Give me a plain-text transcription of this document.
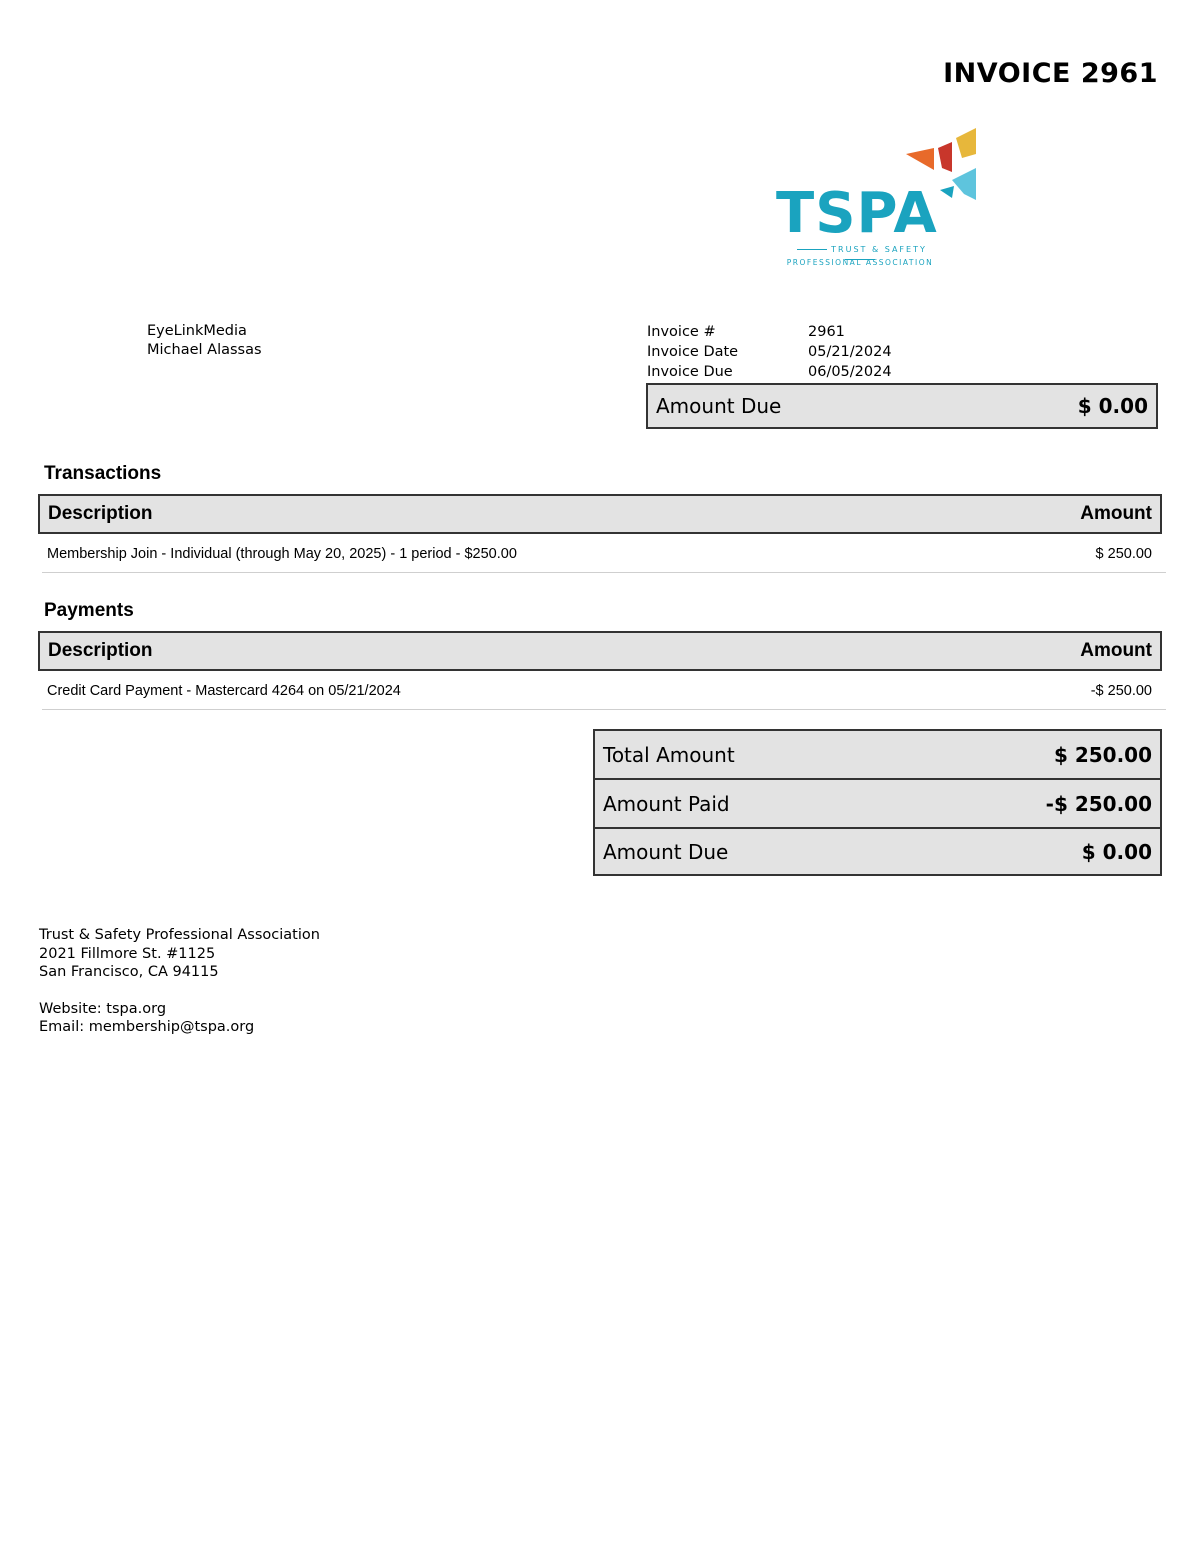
INVOICE 2961
TSPA
TRUST & SAFETY
PROFESSIONAL ASSOCIATION
EyeLinkMedia
Michael Alassas
Invoice #	2961
Invoice Date	05/21/2024
Invoice Due	06/05/2024
Amount Due	$ 0.00
Transactions
Description	Amount
Membership Join - Individual (through May 20, 2025) - 1 period - $250.00	$ 250.00
Payments
Description	Amount
Credit Card Payment - Mastercard 4264 on 05/21/2024	-$ 250.00
Total Amount	$ 250.00
Amount Paid	-$ 250.00
Amount Due	$ 0.00
Trust & Safety Professional Association
2021 Fillmore St. #1125
San Francisco, CA 94115
Website: tspa.org
Email: membership@tspa.org
